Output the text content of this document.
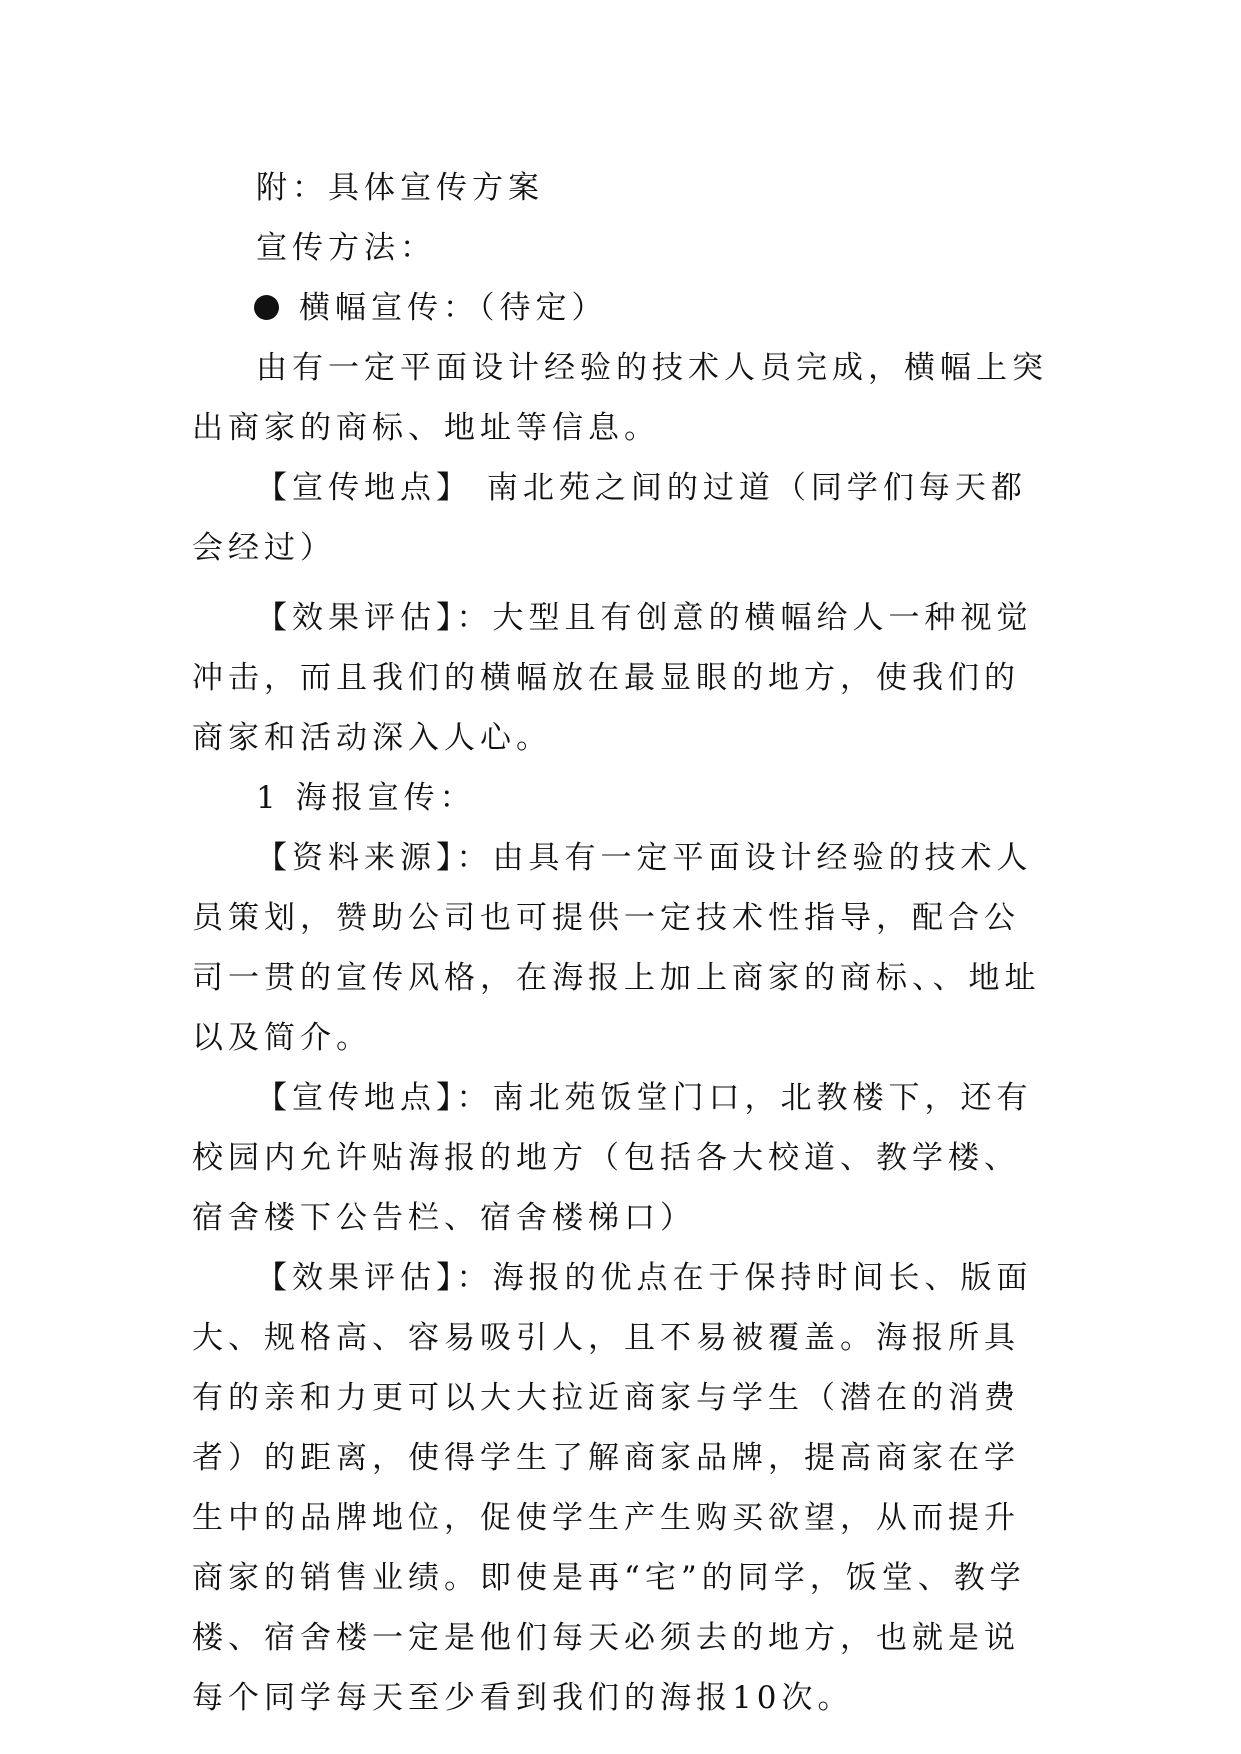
附：具体宣传方案

宣传方法：

横幅宣传：（待定）

由有一定平面设计经验的技术人员完成，横幅上突出商家的商标、地址等信息。

【宣传地点】 南北苑之间的过道（同学们每天都会经过）

【效果评估】：大型且有创意的横幅给人一种视觉冲击，而且我们的横幅放在最显眼的地方，使我们的商家和活动深入人心。

1 海报宣传：

【资料来源】：由具有一定平面设计经验的技术人员策划，赞助公司也可提供一定技术性指导，配合公司一贯的宣传风格，在海报上加上商家的商标、、地址以及简介。

【宣传地点】：南北苑饭堂门口，北教楼下，还有校园内允许贴海报的地方（包括各大校道、教学楼、宿舍楼下公告栏、宿舍楼梯口）

【效果评估】：海报的优点在于保持时间长、版面大、规格高、容易吸引人，且不易被覆盖。海报所具有的亲和力更可以大大拉近商家与学生（潜在的消费者）的距离，使得学生了解商家品牌，提高商家在学生中的品牌地位，促使学生产生购买欲望，从而提升商家的销售业绩。即使是再“宅”的同学，饭堂、教学楼、宿舍楼一定是他们每天必须去的地方，也就是说每个同学每天至少看到我们的海报10次。
